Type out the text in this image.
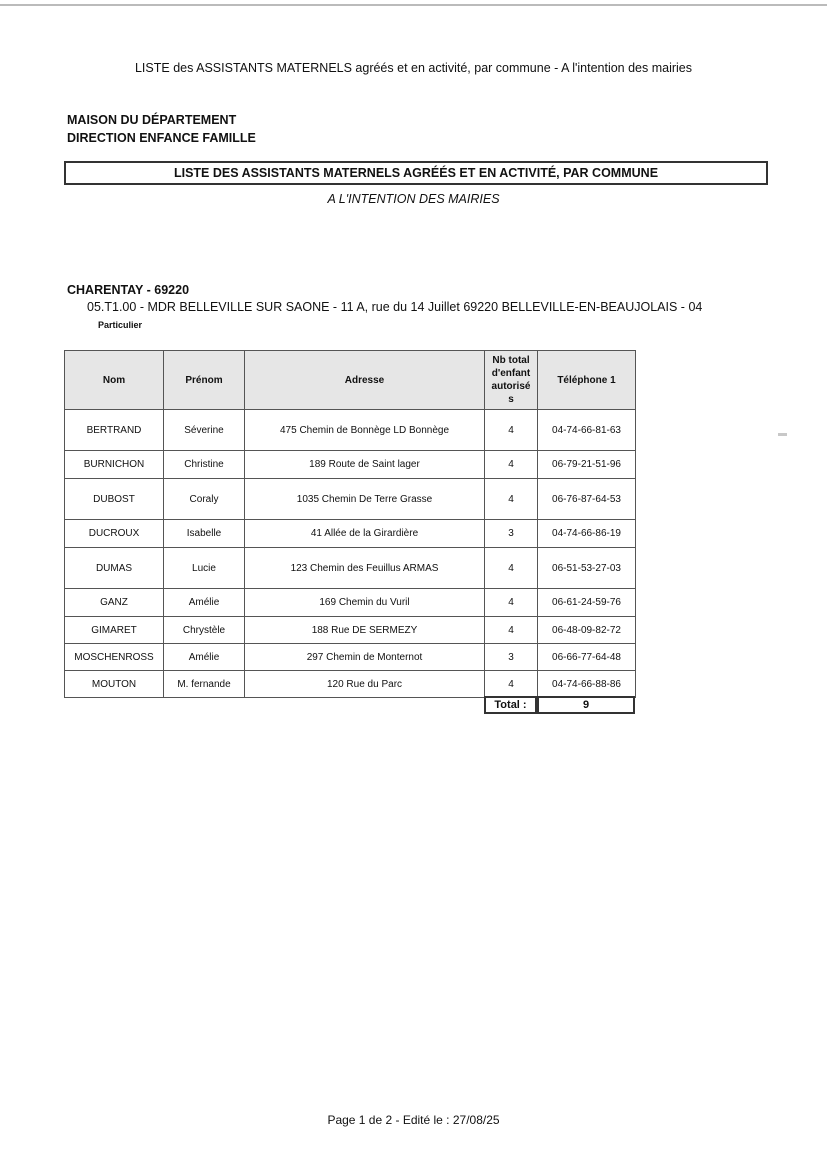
LISTE des ASSISTANTS MATERNELS agréés et en activité, par commune - A l'intention des mairies
MAISON DU DÉPARTEMENT
DIRECTION ENFANCE FAMILLE
LISTE DES ASSISTANTS MATERNELS AGRÉÉS ET EN ACTIVITÉ, PAR COMMUNE
A L'INTENTION DES MAIRIES
CHARENTAY - 69220
05.T1.00 - MDR BELLEVILLE SUR SAONE - 11 A, rue du 14 Juillet 69220 BELLEVILLE-EN-BEAUJOLAIS - 04
Particulier
Nom	Prénom	Adresse	Nb total
d'enfant
autorisé
s	Téléphone 1
BERTRAND	Séverine	475 Chemin de Bonnège LD Bonnège	4	04-74-66-81-63
BURNICHON	Christine	189 Route de Saint lager	4	06-79-21-51-96
DUBOST	Coraly	1035 Chemin De Terre Grasse	4	06-76-87-64-53
DUCROUX	Isabelle	41 Allée de la Girardière	3	04-74-66-86-19
DUMAS	Lucie	123 Chemin des Feuillus ARMAS	4	06-51-53-27-03
GANZ	Amélie	169 Chemin du Vuril	4	06-61-24-59-76
GIMARET	Chrystèle	188 Rue DE SERMEZY	4	06-48-09-82-72
MOSCHENROSS	Amélie	297 Chemin de Monternot	3	06-66-77-64-48
MOUTON	M. fernande	120 Rue du Parc	4	04-74-66-88-86
Total :	9
Page 1 de 2 - Edité le : 27/08/25
